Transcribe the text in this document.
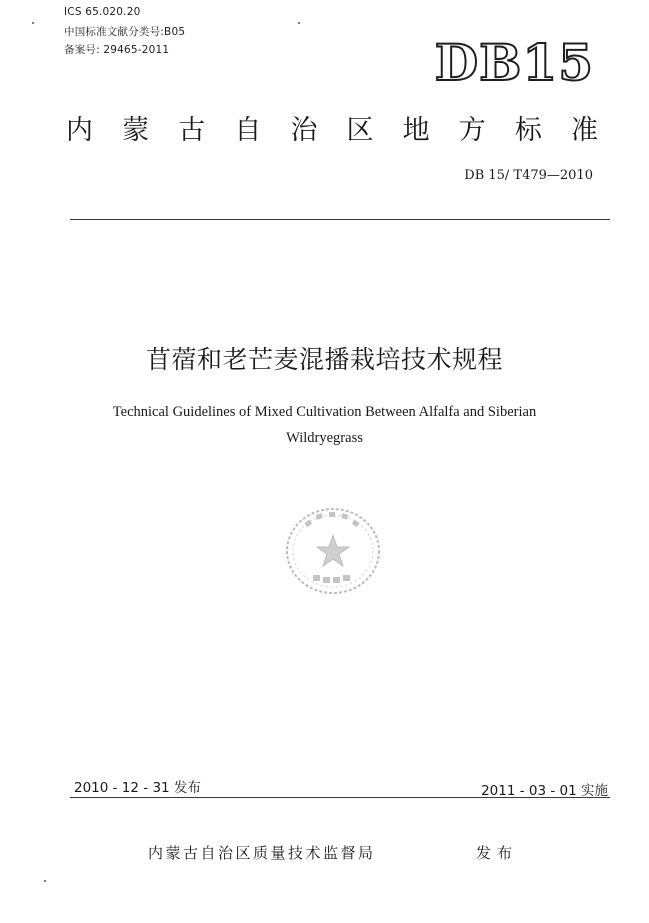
ICS 65.020.20
中国标准文献分类号:B05
备案号: 29465-2011	DB15
内 蒙 古 自 治 区 地 方 标 准
DB 15/ T479—2010
苜蓿和老芒麦混播栽培技术规程
Technical Guidelines of Mixed Cultivation Between Alfalfa and Siberian
Wildryegrass
2010 - 12 - 31 发布	2011 - 03 - 01 实施
内蒙古自治区质量技术监督局	发布
